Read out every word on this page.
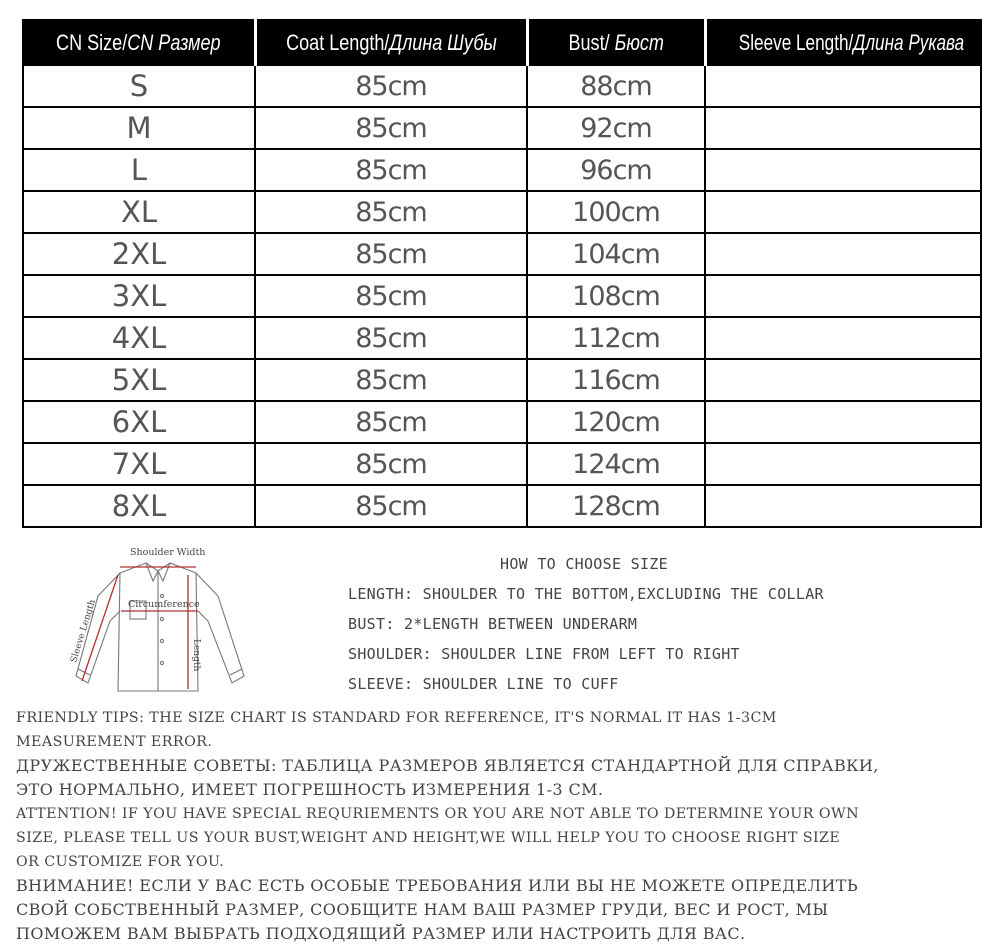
CN Size/CN Размер	Coat Length/Длина Шубы	Bust/ Бюст	Sleeve Length/Длина Рукава
S	85cm	88cm	
M	85cm	92cm	
L	85cm	96cm	
XL	85cm	100cm	
2XL	85cm	104cm	
3XL	85cm	108cm	
4XL	85cm	112cm	
5XL	85cm	116cm	
6XL	85cm	120cm	
7XL	85cm	124cm	
8XL	85cm	128cm	
Shoulder Width
Circumference
Sleeve Length	Length
HOW TO CHOOSE SIZE
LENGTH: SHOULDER TO THE BOTTOM,EXCLUDING THE COLLAR
BUST: 2*LENGTH BETWEEN UNDERARM
SHOULDER: SHOULDER LINE FROM LEFT TO RIGHT
SLEEVE: SHOULDER LINE TO CUFF

FRIENDLY TIPS: THE SIZE CHART IS STANDARD FOR REFERENCE, IT'S NORMAL IT HAS 1-3CM
MEASUREMENT ERROR.

ДРУЖЕСТВЕННЫЕ СОВЕТЫ: ТАБЛИЦА РАЗМЕРОВ ЯВЛЯЕТСЯ СТАНДАРТНОЙ ДЛЯ СПРАВКИ,
ЭТО НОРМАЛЬНО, ИМЕЕТ ПОГРЕШНОСТЬ ИЗМЕРЕНИЯ 1-3 СМ.

ATTENTION! IF YOU HAVE SPECIAL REQURIEMENTS OR YOU ARE NOT ABLE TO DETERMINE YOUR OWN
SIZE, PLEASE TELL US YOUR BUST,WEIGHT AND HEIGHT,WE WILL HELP YOU TO CHOOSE RIGHT SIZE
OR CUSTOMIZE FOR YOU.

ВНИМАНИЕ! ЕСЛИ У ВАС ЕСТЬ ОСОБЫЕ ТРЕБОВАНИЯ ИЛИ ВЫ НЕ МОЖЕТЕ ОПРЕДЕЛИТЬ
СВОЙ СОБСТВЕННЫЙ РАЗМЕР, СООБЩИТЕ НАМ ВАШ РАЗМЕР ГРУДИ, ВЕС И РОСТ, МЫ
ПОМОЖЕМ ВАМ ВЫБРАТЬ ПОДХОДЯЩИЙ РАЗМЕР ИЛИ НАСТРОИТЬ ДЛЯ ВАС.
